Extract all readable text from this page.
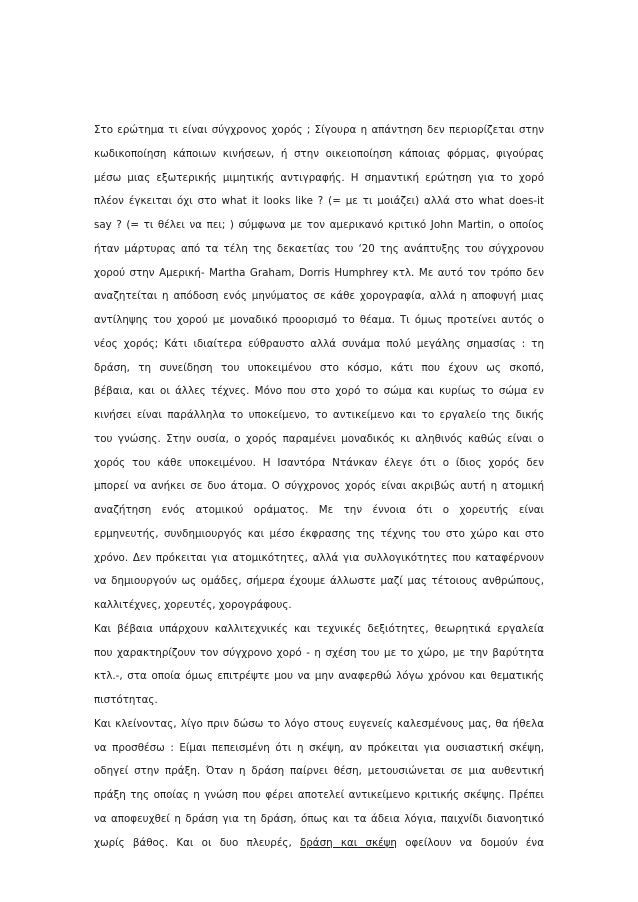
Στο ερώτημα τι είναι σύγχρονος χορός ; Σίγουρα η απάντηση δεν περιορίζεται στην
κωδικοποίηση κάποιων κινήσεων, ή στην οικειοποίηση κάποιας φόρμας, φιγούρας
μέσω μιας εξωτερικής μιμητικής αντιγραφής. Η σημαντική ερώτηση για το χορό
πλέον έγκειται όχι στο what it looks like ? (= με τι μοιάζει) αλλά στο what does-it
say ? (= τι θέλει να πει; ) σύμφωνα με τον αμερικανό κριτικό John Martin, ο οποίος
ήταν μάρτυρας από τα τέλη της δεκαετίας του ‘20 της ανάπτυξης του σύγχρονου
χορού στην Αμερική- Martha Graham, Dorris Humphrey κτλ. Με αυτό τον τρόπο δεν
αναζητείται η απόδοση ενός μηνύματος σε κάθε χορογραφία, αλλά η αποφυγή μιας
αντίληψης του χορού με μοναδικό προορισμό το θέαμα. Τι όμως προτείνει αυτός ο
νέος χορός; Κάτι ιδιαίτερα εύθραυστο αλλά συνάμα πολύ μεγάλης σημασίας : τη
δράση, τη συνείδηση του υποκειμένου στο κόσμο, κάτι που έχουν ως σκοπό,
βέβαια, και οι άλλες τέχνες. Μόνο που στο χορό το σώμα και κυρίως το σώμα εν
κινήσει είναι παράλληλα το υποκείμενο, το αντικείμενο και το εργαλείο της δικής
του γνώσης. Στην ουσία, ο χορός παραμένει μοναδικός κι αληθινός καθώς είναι ο
χορός του κάθε υποκειμένου. Η Ισαντόρα Ντάνκαν έλεγε ότι ο ίδιος χορός δεν
μπορεί να ανήκει σε δυο άτομα. Ο σύγχρονος χορός είναι ακριβώς αυτή η ατομική
αναζήτηση ενός ατομικού οράματος. Με την έννοια ότι ο χορευτής είναι
ερμηνευτής, συνδημιουργός και μέσο έκφρασης της τέχνης του στο χώρο και στο
χρόνο. Δεν πρόκειται για ατομικότητες, αλλά για συλλογικότητες που καταφέρνουν
να δημιουργούν ως ομάδες, σήμερα έχουμε άλλωστε μαζί μας τέτοιους ανθρώπους,
καλλιτέχνες, χορευτές, χορογράφους.
Και βέβαια υπάρχουν καλλιτεχνικές και τεχνικές δεξιότητες, θεωρητικά εργαλεία
που χαρακτηρίζουν τον σύγχρονο χορό - η σχέση του με το χώρο, με την βαρύτητα
κτλ.-, στα οποία όμως επιτρέψτε μου να μην αναφερθώ λόγω χρόνου και θεματικής
πιστότητας.
Και κλείνοντας, λίγο πριν δώσω το λόγο στους ευγενείς καλεσμένους μας, θα ήθελα
να προσθέσω : Είμαι πεπεισμένη ότι η σκέψη, αν πρόκειται για ουσιαστική σκέψη,
οδηγεί στην πράξη. Όταν η δράση παίρνει θέση, μετουσιώνεται σε μια αυθεντική
πράξη της οποίας η γνώση που φέρει αποτελεί αντικείμενο κριτικής σκέψης. Πρέπει
να αποφευχθεί η δράση για τη δράση, όπως και τα άδεια λόγια, παιχνίδι διανοητικό
χωρίς βάθος. Και οι δυο πλευρές, δράση και σκέψη οφείλουν να δομούν ένα
